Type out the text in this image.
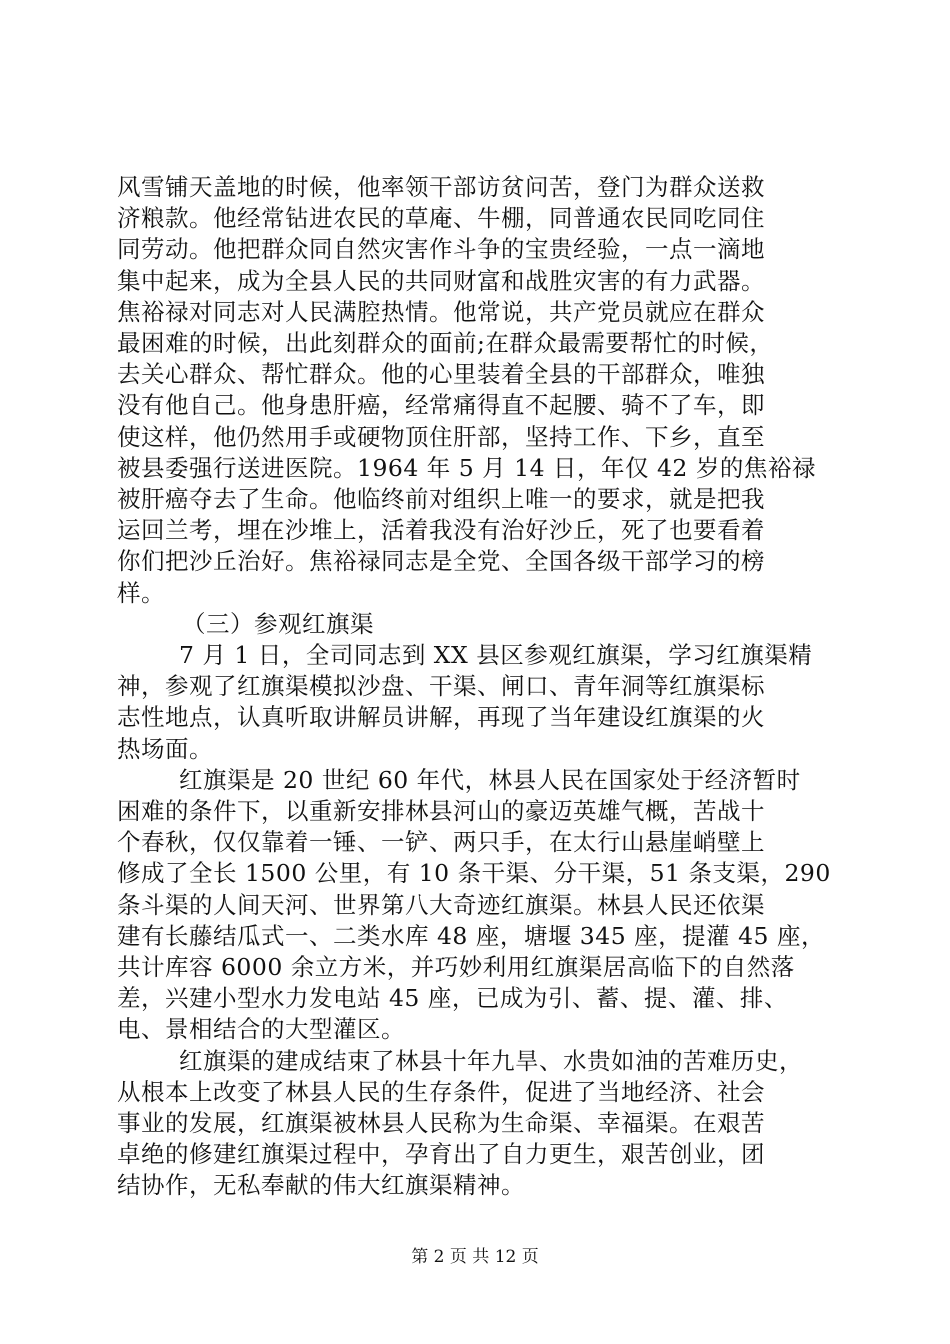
风雪铺天盖地的时候，他率领干部访贫问苦，登门为群众送救
济粮款。他经常钻进农民的草庵、牛棚，同普通农民同吃同住
同劳动。他把群众同自然灾害作斗争的宝贵经验，一点一滴地
集中起来，成为全县人民的共同财富和战胜灾害的有力武器。
焦裕禄对同志对人民满腔热情。他常说，共产党员就应在群众
最困难的时候，出此刻群众的面前;在群众最需要帮忙的时候，
去关心群众、帮忙群众。他的心里装着全县的干部群众，唯独
没有他自己。他身患肝癌，经常痛得直不起腰、骑不了车，即
使这样，他仍然用手或硬物顶住肝部，坚持工作、下乡，直至
被县委强行送进医院。1964 年 5 月 14 日，年仅 42 岁的焦裕禄
被肝癌夺去了生命。他临终前对组织上唯一的要求，就是把我
运回兰考，埋在沙堆上，活着我没有治好沙丘，死了也要看着
你们把沙丘治好。焦裕禄同志是全党、全国各级干部学习的榜
样。
（三）参观红旗渠
7 月 1 日，全司同志到 XX 县区参观红旗渠，学习红旗渠精
神，参观了红旗渠模拟沙盘、干渠、闸口、青年洞等红旗渠标
志性地点，认真听取讲解员讲解，再现了当年建设红旗渠的火
热场面。
红旗渠是 20 世纪 60 年代，林县人民在国家处于经济暂时
困难的条件下，以重新安排林县河山的豪迈英雄气概，苦战十
个春秋，仅仅靠着一锤、一铲、两只手，在太行山悬崖峭壁上
修成了全长 1500 公里，有 10 条干渠、分干渠，51 条支渠，290
条斗渠的人间天河、世界第八大奇迹红旗渠。林县人民还依渠
建有长藤结瓜式一、二类水库 48 座，塘堰 345 座，提灌 45 座，
共计库容 6000 余立方米，并巧妙利用红旗渠居高临下的自然落
差，兴建小型水力发电站 45 座，已成为引、蓄、提、灌、排、
电、景相结合的大型灌区。
红旗渠的建成结束了林县十年九旱、水贵如油的苦难历史，
从根本上改变了林县人民的生存条件，促进了当地经济、社会
事业的发展，红旗渠被林县人民称为生命渠、幸福渠。在艰苦
卓绝的修建红旗渠过程中，孕育出了自力更生，艰苦创业，团
结协作，无私奉献的伟大红旗渠精神。
第 2 页 共 12 页
